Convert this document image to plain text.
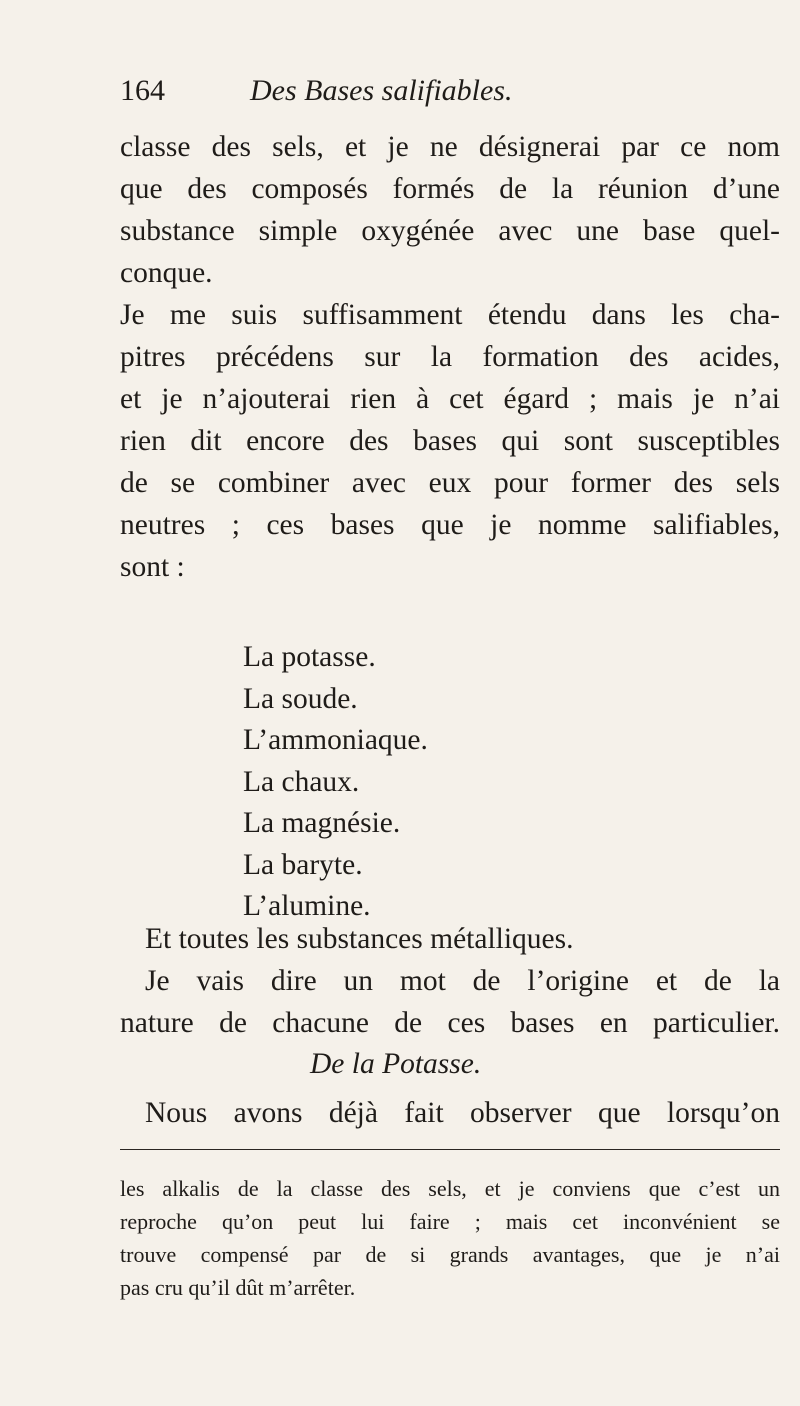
164	Des Bases salifiables.
classe des sels, et je ne désignerai par ce nom
que des composés formés de la réunion d’une
substance simple oxygénée avec une base quel-
conque.
Je me suis suffisamment étendu dans les cha-
pitres précédens sur la formation des acides,
et je n’ajouterai rien à cet égard ; mais je n’ai
rien dit encore des bases qui sont susceptibles
de se combiner avec eux pour former des sels
neutres ; ces bases que je nomme salifiables,
sont :
La potasse.
La soude.
L’ammoniaque.
La chaux.
La magnésie.
La baryte.
L’alumine.
Et toutes les substances métalliques.
Je vais dire un mot de l’origine et de la
nature de chacune de ces bases en particulier.
De la Potasse.
Nous avons déjà fait observer que lorsqu’on
les alkalis de la classe des sels, et je conviens que c’est un
reproche qu’on peut lui faire ; mais cet inconvénient se
trouve compensé par de si grands avantages, que je n’ai
pas cru qu’il dût m’arrêter.
